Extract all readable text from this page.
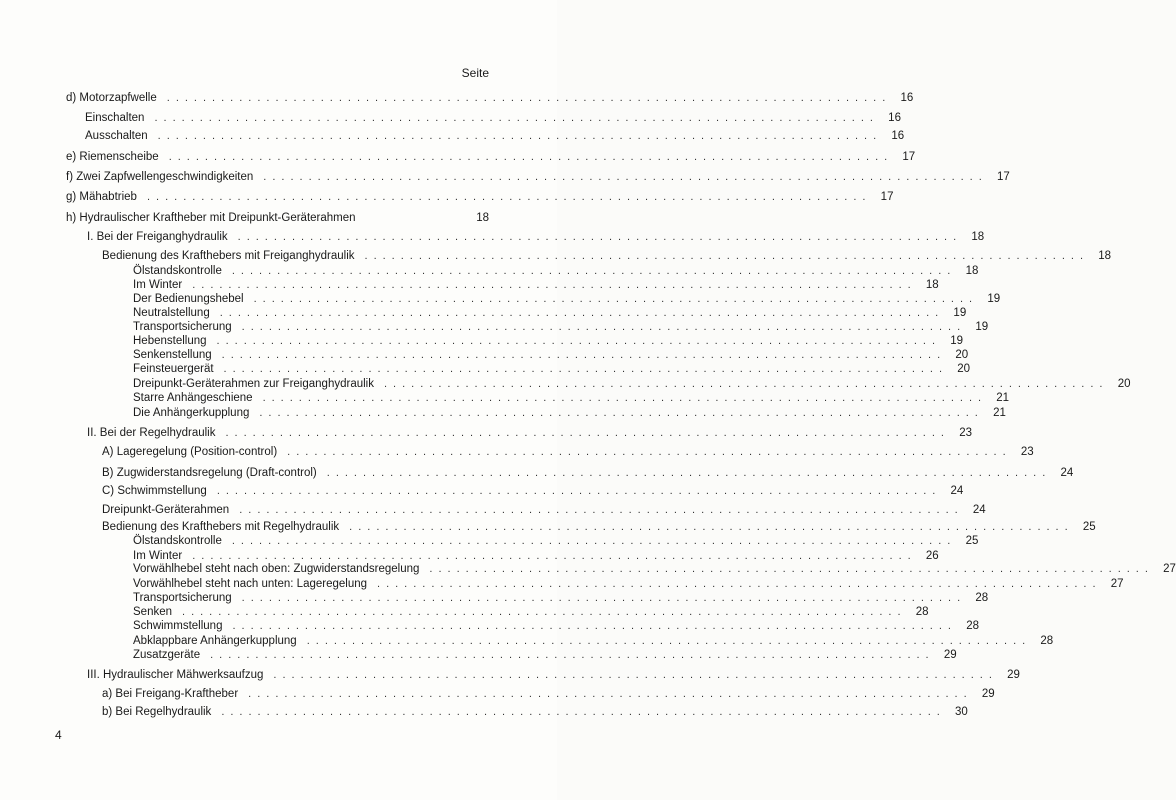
Seite
d) Motorzapfwelle ................................................................................ 16
Einschalten ................................................................................ 16
Ausschalten ................................................................................ 16
e) Riemenscheibe ................................................................................ 17
f) Zwei Zapfwellengeschwindigkeiten ................................................................................ 17
g) Mähabtrieb ................................................................................ 17
h) Hydraulischer Kraftheber mit Dreipunkt-Geräterahmen	18
I. Bei der Freiganghydraulik ................................................................................ 18
Bedienung des Krafthebers mit Freiganghydraulik ................................................................................ 18
Ölstandskontrolle ................................................................................ 18
Im Winter ................................................................................ 18
Der Bedienungshebel ................................................................................ 19
Neutralstellung ................................................................................ 19
Transportsicherung ................................................................................ 19
Hebenstellung ................................................................................ 19
Senkenstellung ................................................................................ 20
Feinsteuergerät ................................................................................ 20
Dreipunkt-Geräterahmen zur Freiganghydraulik ................................................................................ 20
Starre Anhängeschiene ................................................................................ 21
Die Anhängerkupplung ................................................................................ 21
II. Bei der Regelhydraulik ................................................................................ 23
A) Lageregelung (Position-control) ................................................................................ 23
B) Zugwiderstandsregelung (Draft-control) ................................................................................ 24
C) Schwimmstellung ................................................................................ 24
Dreipunkt-Geräterahmen ................................................................................ 24
Bedienung des Krafthebers mit Regelhydraulik ................................................................................ 25
Ölstandskontrolle ................................................................................ 25
Im Winter ................................................................................ 26
Vorwählhebel steht nach oben: Zugwiderstandsregelung ................................................................................ 27
Vorwählhebel steht nach unten: Lageregelung ................................................................................ 27
Transportsicherung ................................................................................ 28
Senken ................................................................................ 28
Schwimmstellung ................................................................................ 28
Abklappbare Anhängerkupplung ................................................................................ 28
Zusatzgeräte ................................................................................ 29
III. Hydraulischer Mähwerksaufzug ................................................................................ 29
a) Bei Freigang-Kraftheber ................................................................................ 29
b) Bei Regelhydraulik ................................................................................ 30
4
